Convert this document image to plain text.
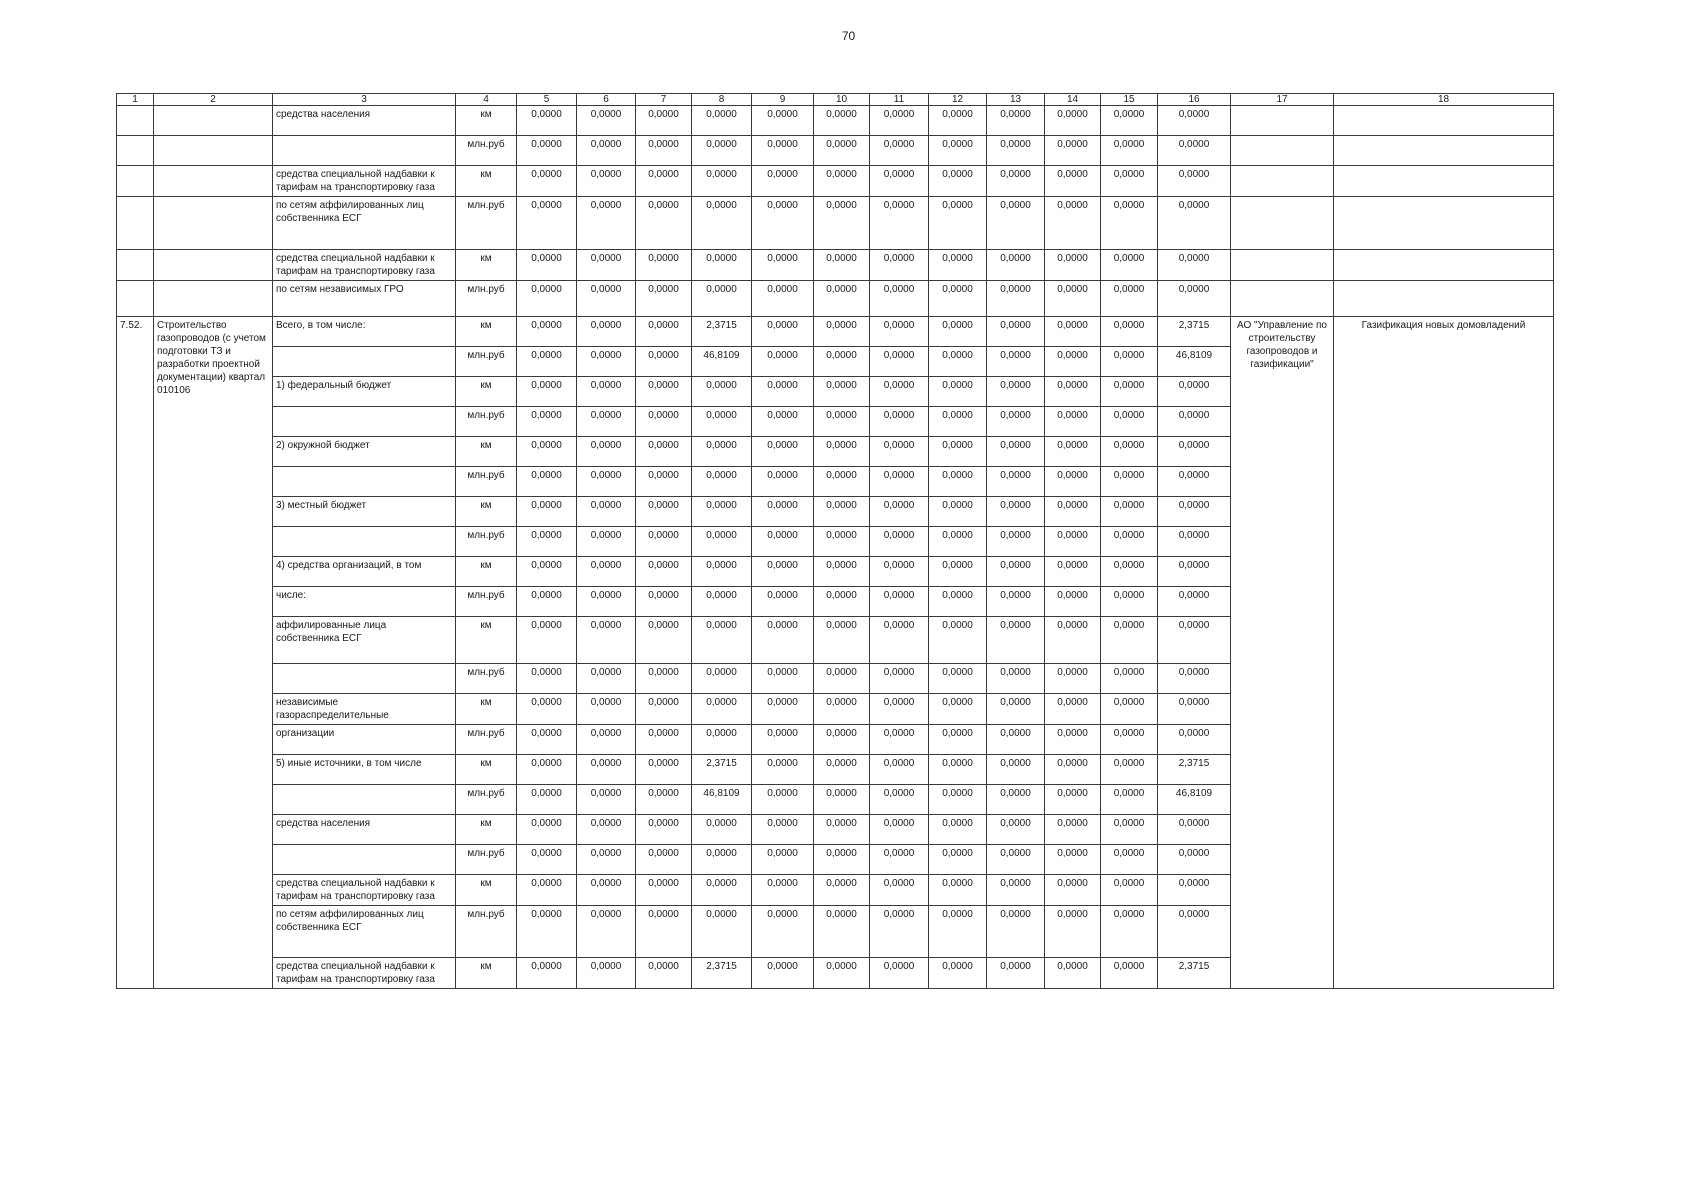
70
1	2	3	4	5	6	7	8	9	10	11	12	13	14	15	16	17	18
		средства населения	км	0,0000	0,0000	0,0000	0,0000	0,0000	0,0000	0,0000	0,0000	0,0000	0,0000	0,0000	0,0000		
			млн.руб	0,0000	0,0000	0,0000	0,0000	0,0000	0,0000	0,0000	0,0000	0,0000	0,0000	0,0000	0,0000		
		средства специальной надбавки к тарифам на транспортировку газа	км	0,0000	0,0000	0,0000	0,0000	0,0000	0,0000	0,0000	0,0000	0,0000	0,0000	0,0000	0,0000		
		по сетям аффилированных лиц собственника ЕСГ	млн.руб	0,0000	0,0000	0,0000	0,0000	0,0000	0,0000	0,0000	0,0000	0,0000	0,0000	0,0000	0,0000		
		средства специальной надбавки к тарифам на транспортировку газа	км	0,0000	0,0000	0,0000	0,0000	0,0000	0,0000	0,0000	0,0000	0,0000	0,0000	0,0000	0,0000		
		по сетям независимых ГРО	млн.руб	0,0000	0,0000	0,0000	0,0000	0,0000	0,0000	0,0000	0,0000	0,0000	0,0000	0,0000	0,0000		
7.52.	Строительство газопроводов (с учетом подготовки ТЗ и разработки проектной документации) квартал 010106	Всего, в том числе:	км	0,0000	0,0000	0,0000	2,3715	0,0000	0,0000	0,0000	0,0000	0,0000	0,0000	0,0000	2,3715	АО "Управление по строительству газопроводов и газификации"	Газификация новых домовладений
			млн.руб	0,0000	0,0000	0,0000	46,8109	0,0000	0,0000	0,0000	0,0000	0,0000	0,0000	0,0000	46,8109		
		1) федеральный бюджет	км	0,0000	0,0000	0,0000	0,0000	0,0000	0,0000	0,0000	0,0000	0,0000	0,0000	0,0000	0,0000		
			млн.руб	0,0000	0,0000	0,0000	0,0000	0,0000	0,0000	0,0000	0,0000	0,0000	0,0000	0,0000	0,0000		
		2) окружной бюджет	км	0,0000	0,0000	0,0000	0,0000	0,0000	0,0000	0,0000	0,0000	0,0000	0,0000	0,0000	0,0000		
			млн.руб	0,0000	0,0000	0,0000	0,0000	0,0000	0,0000	0,0000	0,0000	0,0000	0,0000	0,0000	0,0000		
		3) местный бюджет	км	0,0000	0,0000	0,0000	0,0000	0,0000	0,0000	0,0000	0,0000	0,0000	0,0000	0,0000	0,0000		
			млн.руб	0,0000	0,0000	0,0000	0,0000	0,0000	0,0000	0,0000	0,0000	0,0000	0,0000	0,0000	0,0000		
		4) средства организаций, в том	км	0,0000	0,0000	0,0000	0,0000	0,0000	0,0000	0,0000	0,0000	0,0000	0,0000	0,0000	0,0000		
		числе:	млн.руб	0,0000	0,0000	0,0000	0,0000	0,0000	0,0000	0,0000	0,0000	0,0000	0,0000	0,0000	0,0000		
		аффилированные лица собственника ЕСГ	км	0,0000	0,0000	0,0000	0,0000	0,0000	0,0000	0,0000	0,0000	0,0000	0,0000	0,0000	0,0000		
			млн.руб	0,0000	0,0000	0,0000	0,0000	0,0000	0,0000	0,0000	0,0000	0,0000	0,0000	0,0000	0,0000		
		независимые газораспределительные	км	0,0000	0,0000	0,0000	0,0000	0,0000	0,0000	0,0000	0,0000	0,0000	0,0000	0,0000	0,0000		
		организации	млн.руб	0,0000	0,0000	0,0000	0,0000	0,0000	0,0000	0,0000	0,0000	0,0000	0,0000	0,0000	0,0000		
		5) иные источники, в том числе	км	0,0000	0,0000	0,0000	2,3715	0,0000	0,0000	0,0000	0,0000	0,0000	0,0000	0,0000	2,3715		
			млн.руб	0,0000	0,0000	0,0000	46,8109	0,0000	0,0000	0,0000	0,0000	0,0000	0,0000	0,0000	46,8109		
		средства населения	км	0,0000	0,0000	0,0000	0,0000	0,0000	0,0000	0,0000	0,0000	0,0000	0,0000	0,0000	0,0000		
			млн.руб	0,0000	0,0000	0,0000	0,0000	0,0000	0,0000	0,0000	0,0000	0,0000	0,0000	0,0000	0,0000		
		средства специальной надбавки к тарифам на транспортировку газа	км	0,0000	0,0000	0,0000	0,0000	0,0000	0,0000	0,0000	0,0000	0,0000	0,0000	0,0000	0,0000		
		по сетям аффилированных лиц собственника ЕСГ	млн.руб	0,0000	0,0000	0,0000	0,0000	0,0000	0,0000	0,0000	0,0000	0,0000	0,0000	0,0000	0,0000		
		средства специальной надбавки к тарифам на транспортировку газа	км	0,0000	0,0000	0,0000	2,3715	0,0000	0,0000	0,0000	0,0000	0,0000	0,0000	0,0000	2,3715		
